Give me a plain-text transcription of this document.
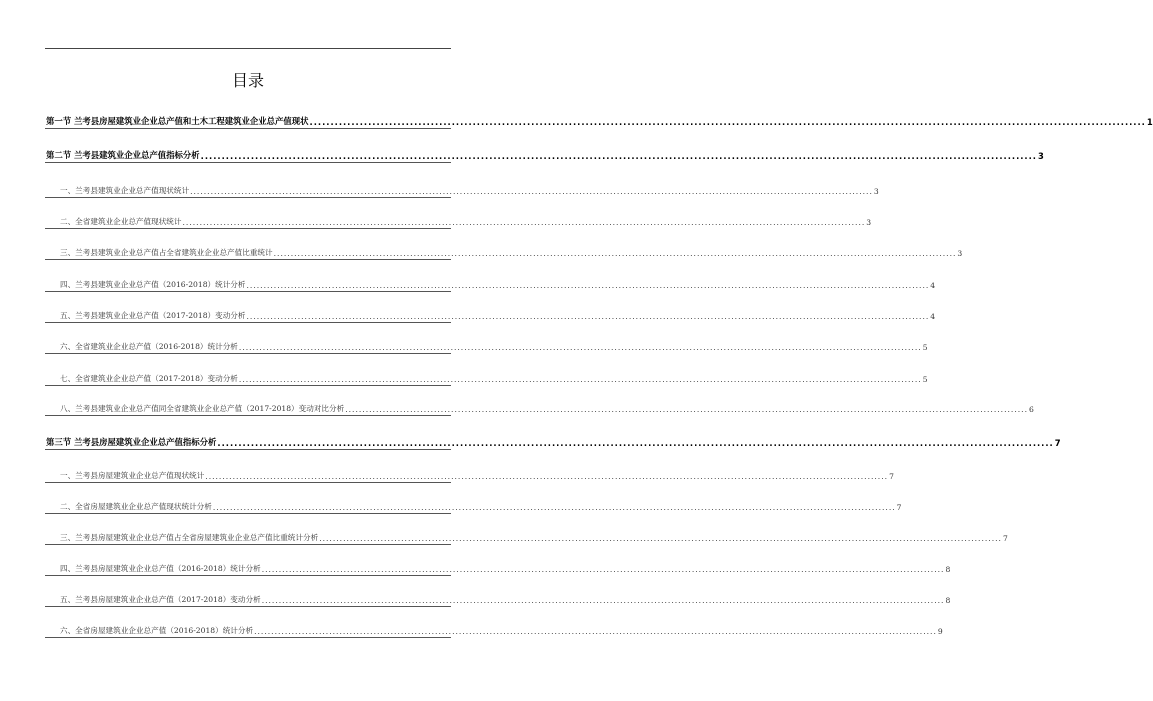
目录
第一节 兰考县房屋建筑业企业总产值和土木工程建筑业企业总产值现状 ........................................................................................................................................................................................................ 1
第二节 兰考县建筑业企业总产值指标分析 ........................................................................................................................................................................................................ 3
一、兰考县建筑业企业总产值现状统计 ........................................................................................................................................................................................................ 3
二、全省建筑业企业总产值现状统计 ........................................................................................................................................................................................................ 3
三、兰考县建筑业企业总产值占全省建筑业企业总产值比重统计 ........................................................................................................................................................................................................ 3
四、兰考县建筑业企业总产值（2016-2018）统计分析 ........................................................................................................................................................................................................ 4
五、兰考县建筑业企业总产值（2017-2018）变动分析 ........................................................................................................................................................................................................ 4
六、全省建筑业企业总产值（2016-2018）统计分析 ........................................................................................................................................................................................................ 5
七、全省建筑业企业总产值（2017-2018）变动分析 ........................................................................................................................................................................................................ 5
八、兰考县建筑业企业总产值同全省建筑业企业总产值（2017-2018）变动对比分析 ........................................................................................................................................................................................................ 6
第三节 兰考县房屋建筑业企业总产值指标分析 ........................................................................................................................................................................................................ 7
一、兰考县房屋建筑业企业总产值现状统计 ........................................................................................................................................................................................................ 7
二、全省房屋建筑业企业总产值现状统计分析 ........................................................................................................................................................................................................ 7
三、兰考县房屋建筑业企业总产值占全省房屋建筑业企业总产值比重统计分析 ........................................................................................................................................................................................................ 7
四、兰考县房屋建筑业企业总产值（2016-2018）统计分析 ........................................................................................................................................................................................................ 8
五、兰考县房屋建筑业企业总产值（2017-2018）变动分析 ........................................................................................................................................................................................................ 8
六、全省房屋建筑业企业总产值（2016-2018）统计分析 ........................................................................................................................................................................................................ 9
